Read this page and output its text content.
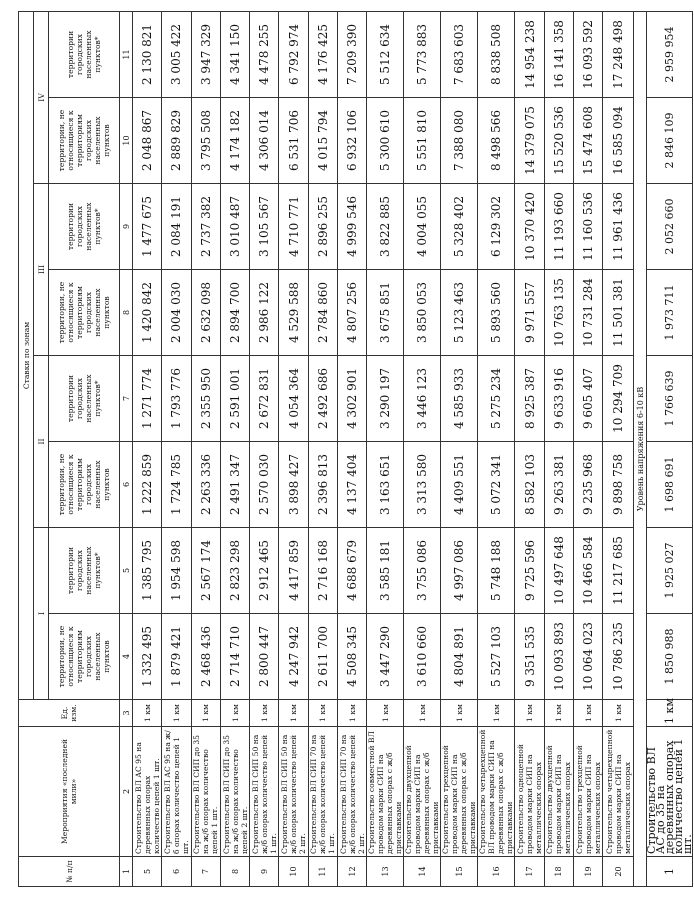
№ п/п	Мероприятия «последней мили»	Ед. изм.	Ставки по зонам							
			I		II		III		IV	
			территории, не относящиеся к территориям городских населенных пунктов	территории городских населенных пунктов*	территории, не относящиеся к территориям городских населенных пунктов	территории городских населенных пунктов*	территории, не относящиеся к территориям городских населенных пунктов	территории городских населенных пунктов*	территории, не относящиеся к территориям городских населенных пунктов	территории городских населенных пунктов*
1	2	3	4	5	6	7	8	9	10	11
5	Строительство ВЛ АС 95 на деревянных опорах количество цепей 1 шт.	1 км	1 332 495	1 385 795	1 222 859	1 271 774	1 420 842	1 477 675	2 048 867	2 130 821
6	Строительство ВЛ АС 95 на ж/б опорах количество цепей 1 шт.	1 км	1 879 421	1 954 598	1 724 785	1 793 776	2 004 030	2 084 191	2 889 829	3 005 422
7	Строительство ВЛ СИП до 35 на ж/б опорах количество цепей 1 шт.	1 км	2 468 436	2 567 174	2 263 336	2 355 950	2 632 098	2 737 382	3 795 508	3 947 329
8	Строительство ВЛ СИП до 35 на ж/б опорах количество цепей 2 шт.	1 км	2 714 710	2 823 298	2 491 347	2 591 001	2 894 700	3 010 487	4 174 182	4 341 150
9	Строительство ВЛ СИП 50 на ж/б опорах количество цепей 1 шт.	1 км	2 800 447	2 912 465	2 570 030	2 672 831	2 986 122	3 105 567	4 306 014	4 478 255
10	Строительство ВЛ СИП 50 на ж/б опорах количество цепей 2 шт.	1 км	4 247 942	4 417 859	3 898 427	4 054 364	4 529 588	4 710 771	6 531 706	6 792 974
11	Строительство ВЛ СИП 70 на ж/б опорах количество цепей 1 шт.	1 км	2 611 700	2 716 168	2 396 813	2 492 686	2 784 860	2 896 255	4 015 794	4 176 425
12	Строительство ВЛ СИП 70 на ж/б опорах количество цепей 2 шт.	1 км	4 508 345	4 688 679	4 137 404	4 302 901	4 807 256	4 999 546	6 932 106	7 209 390
13	Строительство совместной ВЛ проводом марки СИП на деревянных опорах с ж/б приставками	1 км	3 447 290	3 585 181	3 163 651	3 290 197	3 675 851	3 822 885	5 300 610	5 512 634
14	Строительство двухцепной проводом марки СИП на деревянных опорах с ж/б приставками	1 км	3 610 660	3 755 086	3 313 580	3 446 123	3 850 053	4 004 055	5 551 810	5 773 883
15	Строительство трехцепной проводом марки СИП на деревянных опорах с ж/б приставками	1 км	4 804 891	4 997 086	4 409 551	4 585 933	5 123 463	5 328 402	7 388 080	7 683 603
16	Строительство четырехцепной ВЛ проводом марки СИП на деревянных опорах с ж/б приставками	1 км	5 527 103	5 748 188	5 072 341	5 275 234	5 893 560	6 129 302	8 498 566	8 838 508
17	Строительство одноцепной проводом марки СИП на металлических опорах	1 км	9 351 535	9 725 596	8 582 103	8 925 387	9 971 557	10 370 420	14 379 075	14 954 238
18	Строительство двухцепной проводом марки СИП на металлических опорах	1 км	10 093 893	10 497 648	9 263 381	9 633 916	10 763 135	11 193 660	15 520 536	16 141 358
19	Строительство трехцепной проводом марки СИП на металлических опорах	1 км	10 064 023	10 466 584	9 235 968	9 605 407	10 731 284	11 160 536	15 474 608	16 093 592
20	Строительство четырехцепной проводом марки СИП на металлических опорах	1 км	10 786 235	11 217 685	9 898 758	10 294 709	11 501 381	11 961 436	16 585 094	17 248 498
Уровень напряжения 6-10 кВ										
1	Строительство ВЛ АС до 35 на деревянных опорах количество цепей 1 шт.	1 км	1 850 988	1 925 027	1 698 691	1 766 639	1 973 711	2 052 660	2 846 109	2 959 954
